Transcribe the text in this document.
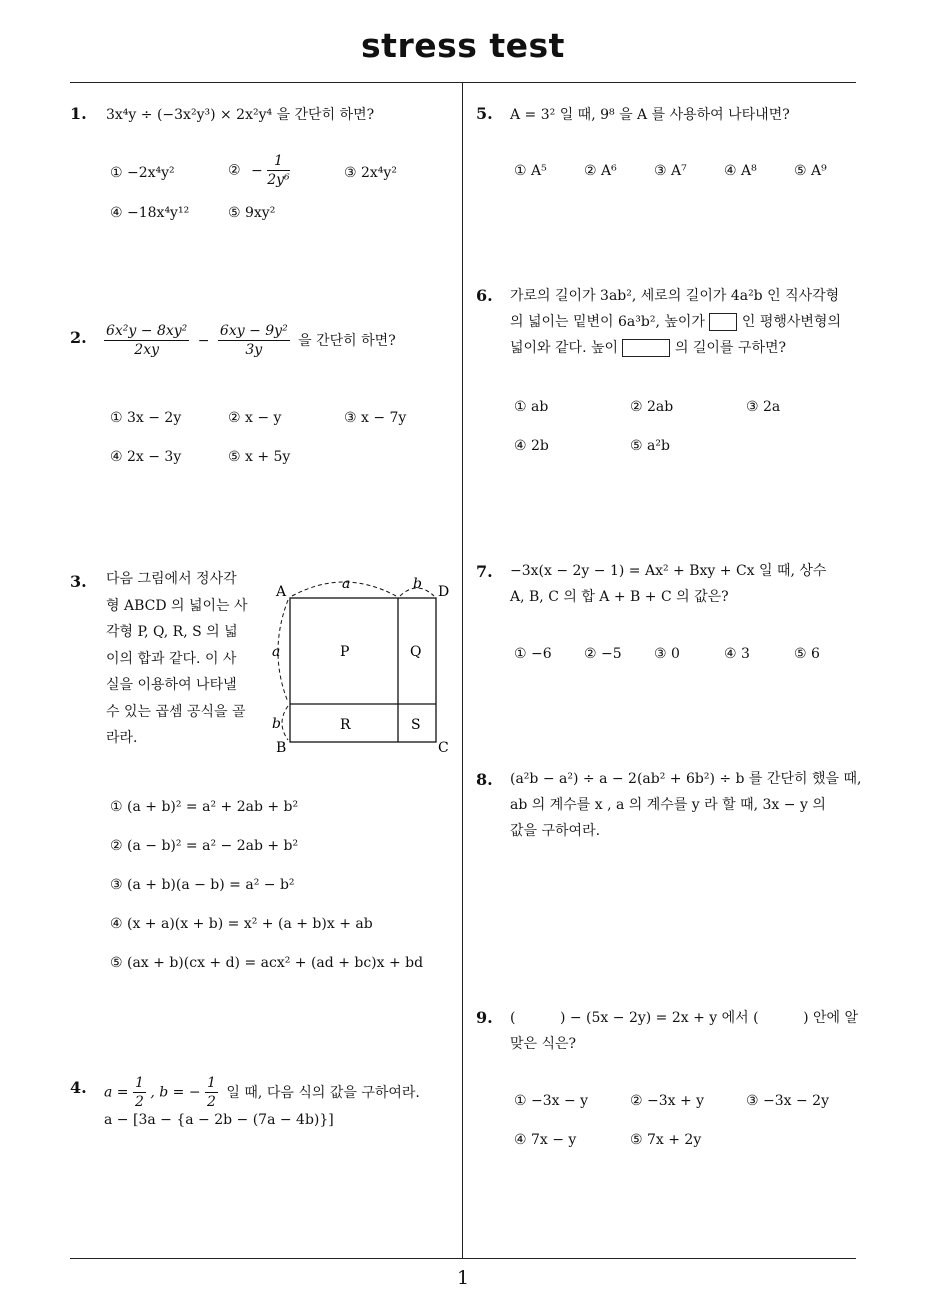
stress test
1
1. 3x⁴y ÷ (−3x²y³) × 2x²y⁴ 을 간단히 하면?
① −2x⁴y²	② − $\frac{1}{\text{2y⁶}}$	③ 2x⁴y²
④ −18x⁴y¹²	⑤ 9xy²
2. $\frac{\text{6x²y − 8xy²}}{2xy} - \frac{\text{6xy − 9y²}}{3y}$ 을 간단히 하면?
① 3x − 2y	② x − y	③ x − 7y
④ 2x − 3y	⑤ x + 5y
3. 다음 그림에서 정사각
형 ABCD 의 넓이는 사
각형 P, Q, R, S 의 넓
이의 합과 같다. 이 사
실을 이용하여 나타낼
수 있는 곱셈 공식을 골
라라.
A	D
B	C
a	b
a
b
P	Q
R	S
① (a + b)² = a² + 2ab + b²
② (a − b)² = a² − 2ab + b²
③ (a + b)(a − b) = a² − b²
④ (x + a)(x + b) = x² + (a + b)x + ab
⑤ (ax + b)(cx + d) = acx² + (ad + bc)x + bd
4. $a = \frac{1}{2}$ , b = − $\frac{1}{2}$ 일 때, 다음 식의 값을 구하여라.
a − [3a − {a − 2b − (7a − 4b)}]
5. A = 3² 일 때, 9⁸ 을 A 를 사용하여 나타내면?
① A⁵	② A⁶	③ A⁷	④ A⁸	⑤ A⁹
6. 가로의 길이가 3ab², 세로의 길이가 4a²b 인 직사각형
의 넓이는 밑변이 6a³b², 높이가	인 평행사변형의
넓이와 같다. 높이	의 길이를 구하면?
① ab	② 2ab	③ 2a
④ 2b	⑤ a²b
7. −3x(x − 2y − 1) = Ax² + Bxy + Cx 일 때, 상수
A, B, C 의 합 A + B + C 의 값은?
① −6 ② −5 ③ 0	④ 3	⑤ 6
8. (a²b − a²) ÷ a − 2(ab² + 6b²) ÷ b 를 간단히 했을 때,
ab 의 계수를 x , a 의 계수를 y 라 할 때, 3x − y 의
값을 구하여라.
9. (          ) − (5x − 2y) = 2x + y 에서 (          ) 안에 알
맞은 식은?
① −3x − y	② −3x + y	③ −3x − 2y
④ 7x − y	⑤ 7x + 2y
